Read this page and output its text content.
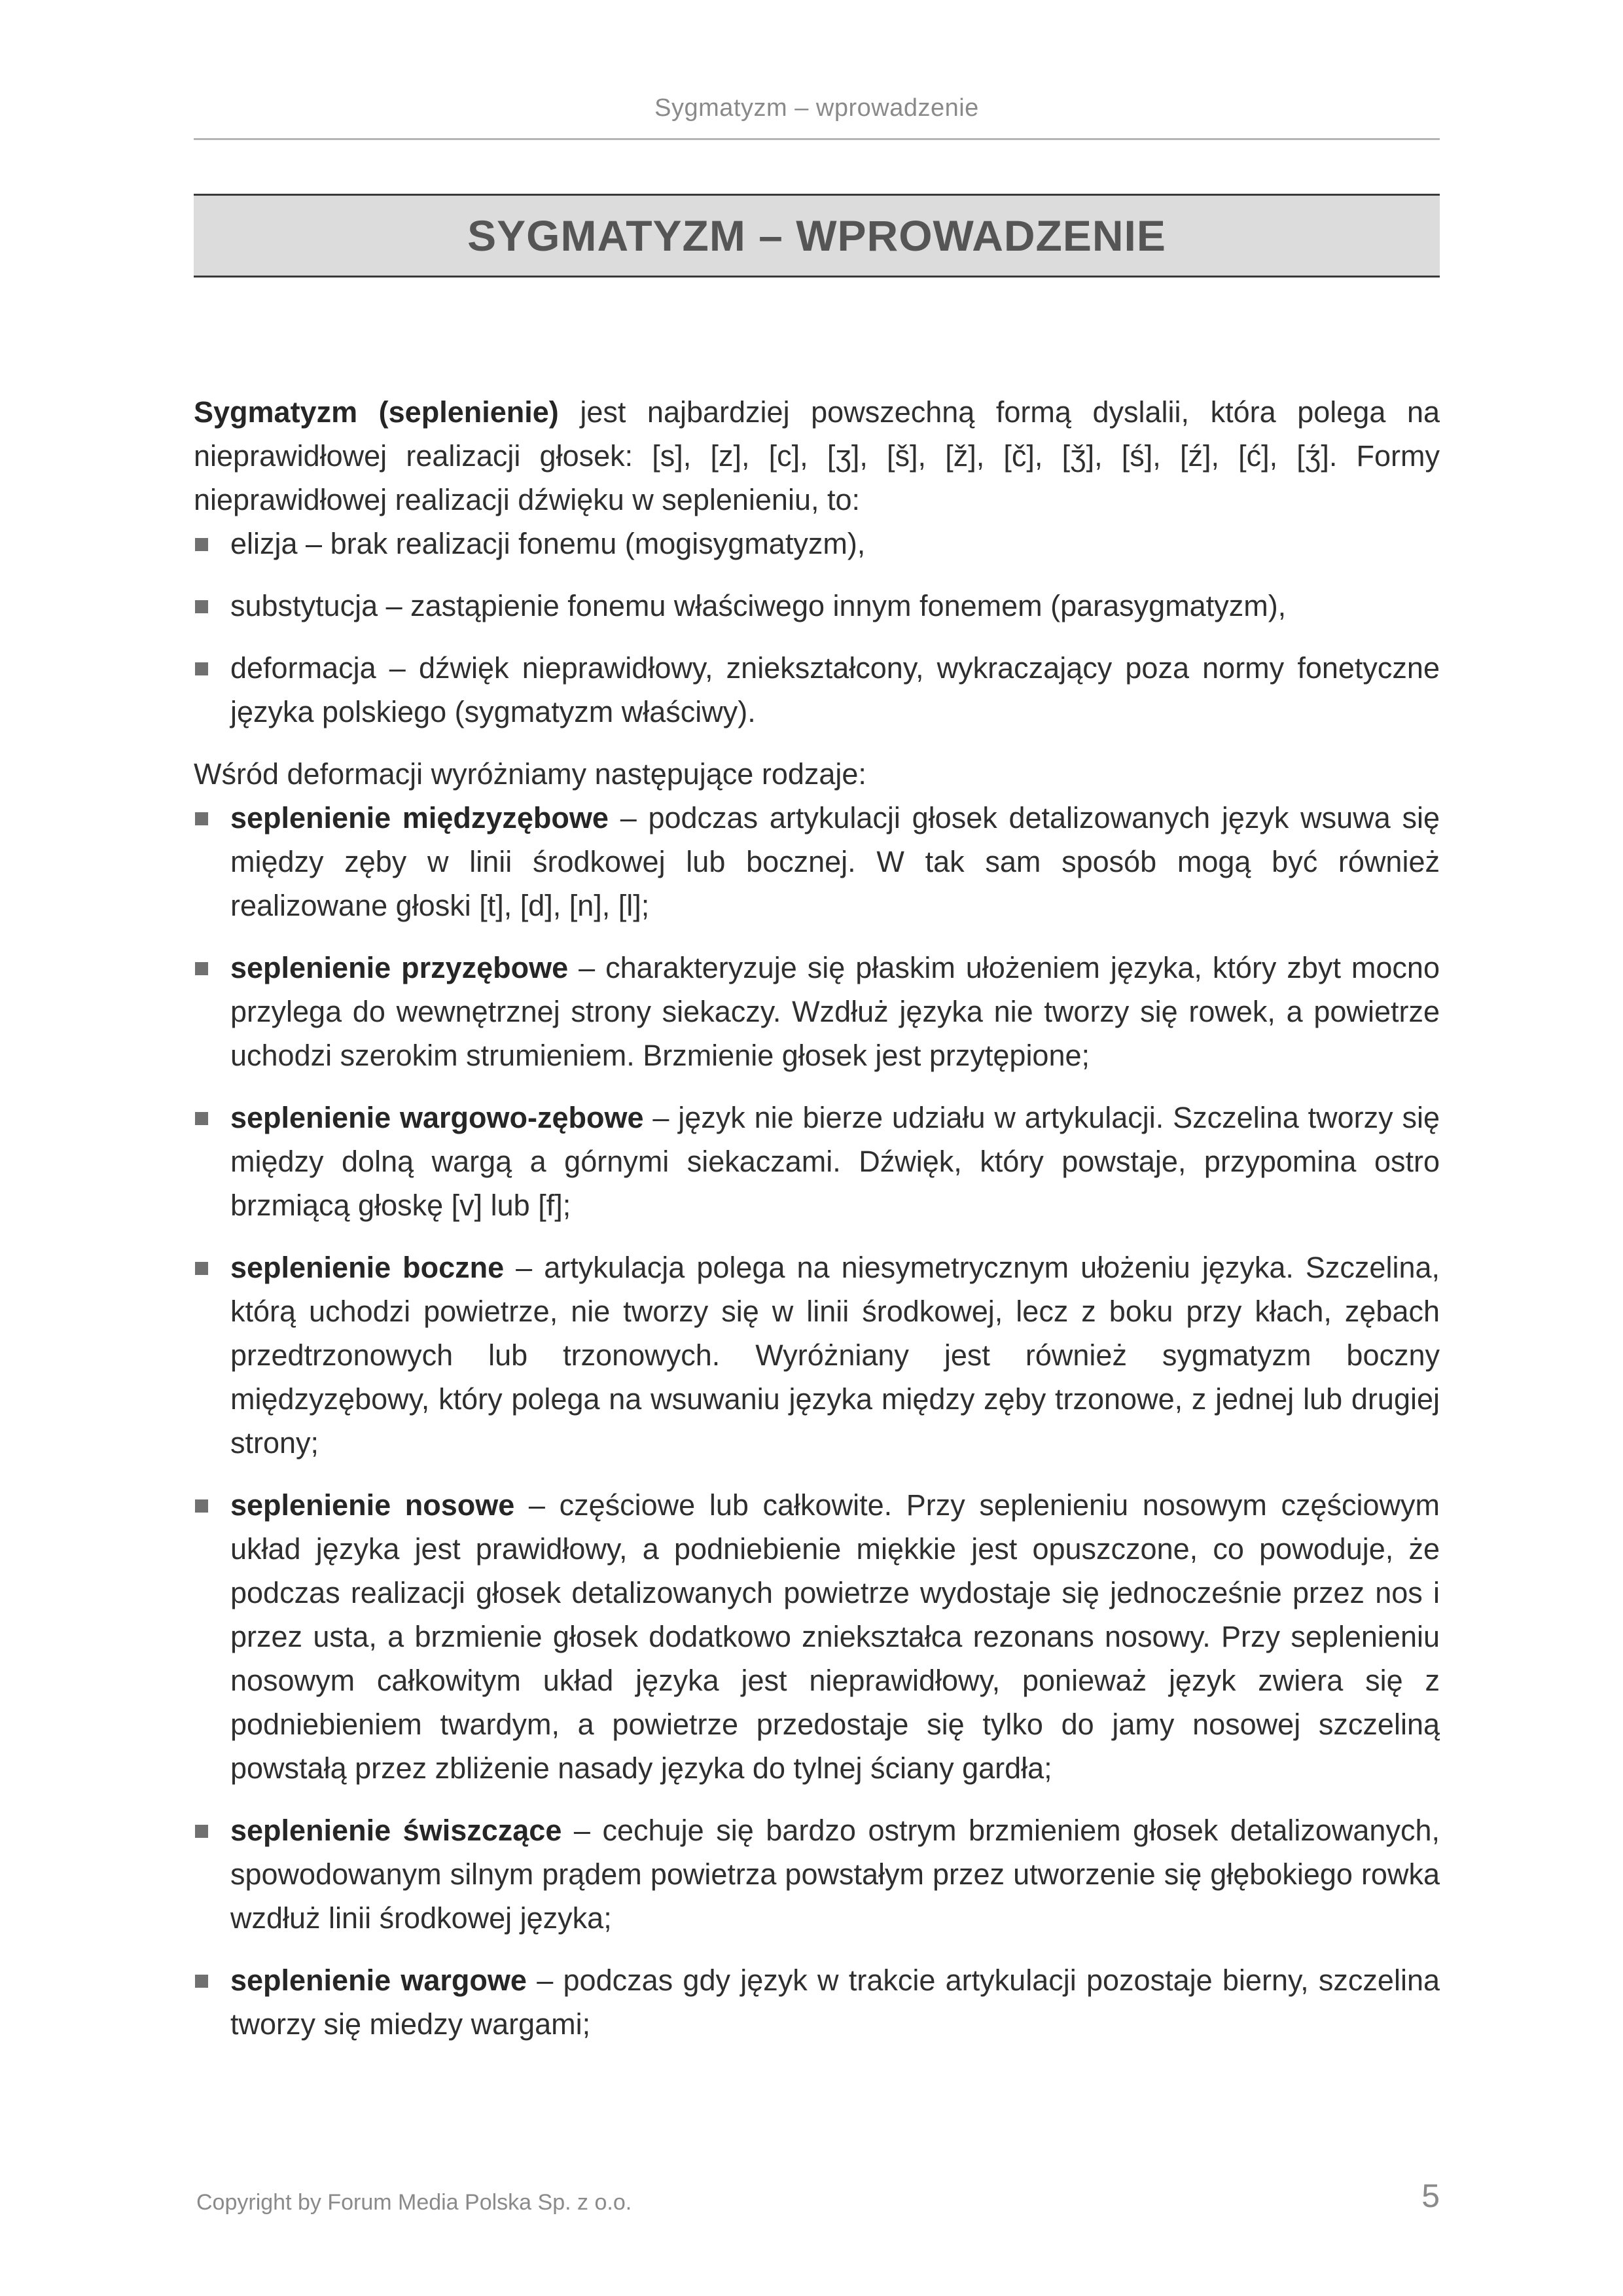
Sygmatyzm – wprowadzenie
SYGMATYZM – WPROWADZENIE

Sygmatyzm (seplenienie) jest najbardziej powszechną formą dyslalii, która polega na nieprawidłowej realizacji głosek: [s], [z], [c], [ʒ], [š], [ž], [č], [ǯ], [ś], [ź], [ć], [ʒ́]. Formy nieprawidłowej realizacji dźwięku w seplenieniu, to:

elizja – brak realizacji fonemu (mogisygmatyzm),
substytucja – zastąpienie fonemu właściwego innym fonemem (parasygmatyzm),
deformacja – dźwięk nieprawidłowy, zniekształcony, wykraczający poza normy fonetyczne języka polskiego (sygmatyzm właściwy).

Wśród deformacji wyróżniamy następujące rodzaje:

seplenienie międzyzębowe – podczas artykulacji głosek detalizowanych język wsuwa się między zęby w linii środkowej lub bocznej. W tak sam sposób mogą być również realizowane głoski [t], [d], [n], [l];
seplenienie przyzębowe – charakteryzuje się płaskim ułożeniem języka, który zbyt mocno przylega do wewnętrznej strony siekaczy. Wzdłuż języka nie tworzy się rowek, a powietrze uchodzi szerokim strumieniem. Brzmienie głosek jest przytępione;
seplenienie wargowo-zębowe – język nie bierze udziału w artykulacji. Szczelina tworzy się między dolną wargą a górnymi siekaczami. Dźwięk, który powstaje, przypomina ostro brzmiącą głoskę [v] lub [f];
seplenienie boczne – artykulacja polega na niesymetrycznym ułożeniu języka. Szczelina, którą uchodzi powietrze, nie tworzy się w linii środkowej, lecz z boku przy kłach, zębach przedtrzonowych lub trzonowych. Wyróżniany jest również sygmatyzm boczny międzyzębowy, który polega na wsuwaniu języka między zęby trzonowe, z jednej lub drugiej strony;
seplenienie nosowe – częściowe lub całkowite. Przy seplenieniu nosowym częściowym układ języka jest prawidłowy, a podniebienie miękkie jest opuszczone, co powoduje, że podczas realizacji głosek detalizowanych powietrze wydostaje się jednocześnie przez nos i przez usta, a brzmienie głosek dodatkowo zniekształca rezonans nosowy. Przy seplenieniu nosowym całkowitym układ języka jest nieprawidłowy, ponieważ język zwiera się z podniebieniem twardym, a powietrze przedostaje się tylko do jamy nosowej szczeliną powstałą przez zbliżenie nasady języka do tylnej ściany gardła;
seplenienie świszczące – cechuje się bardzo ostrym brzmieniem głosek detalizowanych, spowodowanym silnym prądem powietrza powstałym przez utworzenie się głębokiego rowka wzdłuż linii środkowej języka;
seplenienie wargowe – podczas gdy język w trakcie artykulacji pozostaje bierny, szczelina tworzy się miedzy wargami;
Copyright by Forum Media Polska Sp. z o.o.	5
